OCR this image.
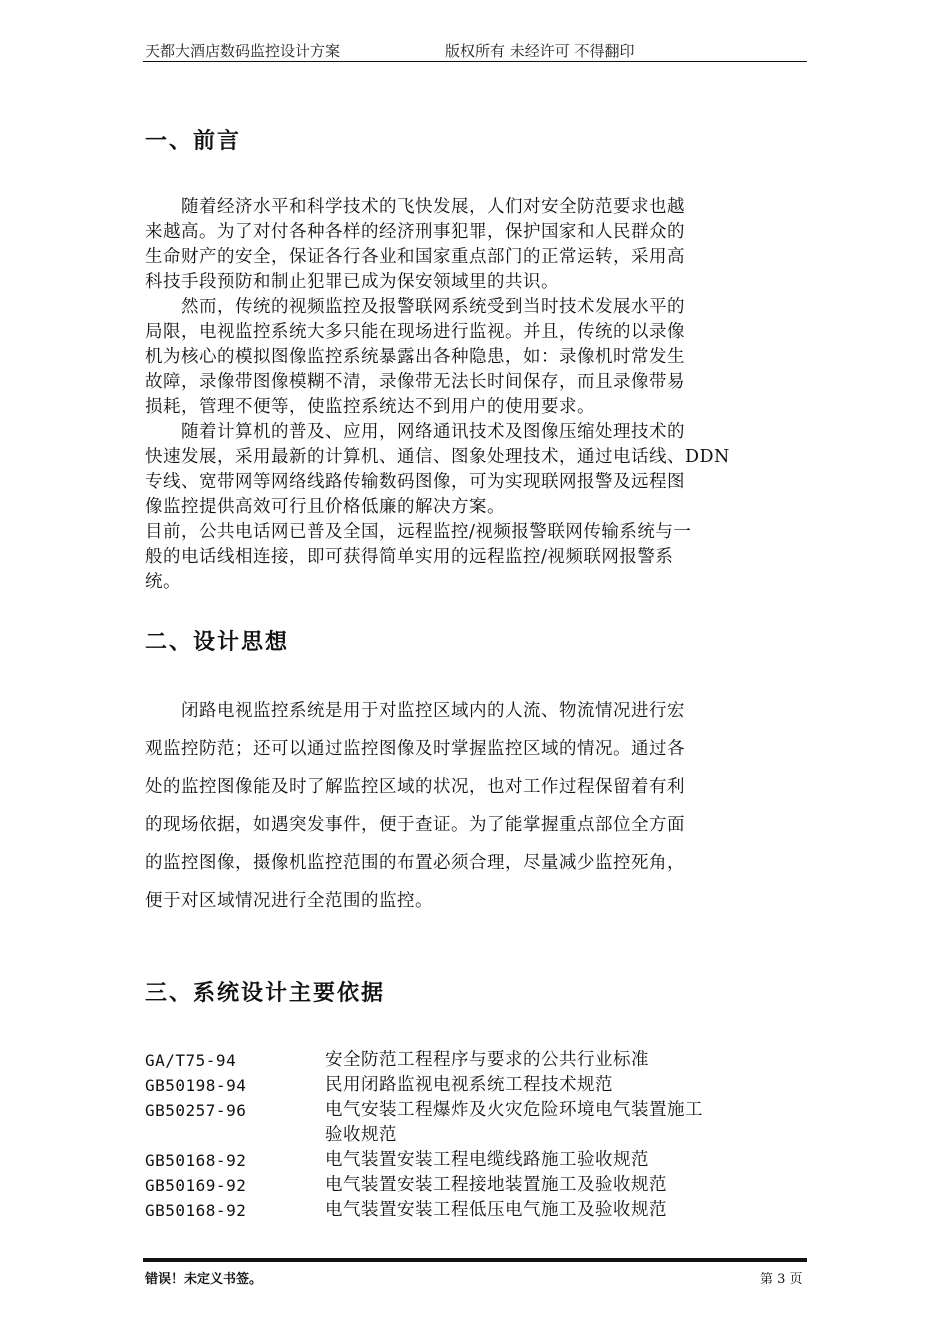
天都大酒店数码监控设计方案	版权所有 未经许可 不得翻印
一、前言
　　随着经济水平和科学技术的飞快发展，人们对安全防范要求也越
来越高。为了对付各种各样的经济刑事犯罪，保护国家和人民群众的
生命财产的安全，保证各行各业和国家重点部门的正常运转，采用高
科技手段预防和制止犯罪已成为保安领域里的共识。
　　然而，传统的视频监控及报警联网系统受到当时技术发展水平的
局限，电视监控系统大多只能在现场进行监视。并且，传统的以录像
机为核心的模拟图像监控系统暴露出各种隐患，如：录像机时常发生
故障，录像带图像模糊不清，录像带无法长时间保存，而且录像带易
损耗，管理不便等，使监控系统达不到用户的使用要求。
　　随着计算机的普及、应用，网络通讯技术及图像压缩处理技术的
快速发展，采用最新的计算机、通信、图象处理技术，通过电话线、DDN
专线、宽带网等网络线路传输数码图像，可为实现联网报警及远程图
像监控提供高效可行且价格低廉的解决方案。
目前，公共电话网已普及全国，远程监控/视频报警联网传输系统与一
般的电话线相连接，即可获得简单实用的远程监控/视频联网报警系
统。
二、设计思想
　　闭路电视监控系统是用于对监控区域内的人流、物流情况进行宏
观监控防范；还可以通过监控图像及时掌握监控区域的情况。通过各
处的监控图像能及时了解监控区域的状况，也对工作过程保留着有利
的现场依据，如遇突发事件，便于查证。为了能掌握重点部位全方面
的监控图像，摄像机监控范围的布置必须合理，尽量减少监控死角，
便于对区域情况进行全范围的监控。
三、系统设计主要依据
GA/T75-94	安全防范工程程序与要求的公共行业标准
GB50198-94	民用闭路监视电视系统工程技术规范
GB50257-96	电气安装工程爆炸及火灾危险环境电气装置施工
验收规范
GB50168-92	电气装置安装工程电缆线路施工验收规范
GB50169-92	电气装置安装工程接地装置施工及验收规范
GB50168-92	电气装置安装工程低压电气施工及验收规范
错误！未定义书签。	第 3 页
